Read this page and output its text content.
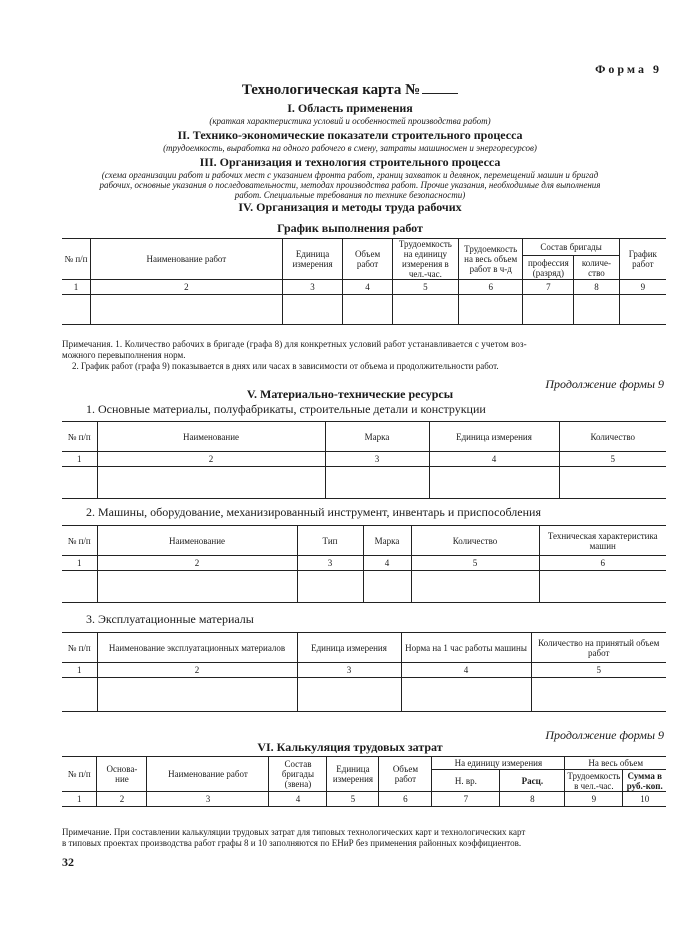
Форма 9
Технологическая карта №
I. Область применения
(краткая характеристика условий и особенностей производства работ)
II. Технико-экономические показатели строительного процесса
(трудоемкость, выработка на одного рабочего в смену, затраты машиносмен и энергоресурсов)
III. Организация и технология строительного процесса
(схема организации работ и рабочих мест с указанием фронта работ, границ захваток и делянок, перемещений машин и бригад
рабочих, основные указания о последовательности, методах производства работ. Прочие указания, необходимые для выполнения
работ. Специальные требования по технике безопасности)
IV. Организация и методы труда рабочих
График выполнения работ
№ п/п	Наименование работ	Единица измерения	Объем работ	Трудоемкость на единицу измерения в чел.-час.	Трудоемкость на весь объем работ в ч-д	Состав бригады		График работ
						профессия (разряд)	количе- ство	
1	2	3	4	5	6	7	8	9

Примечания. 1. Количество рабочих в бригаде (графа 8) для конкретных условий работ устанавливается с учетом воз-
можного перевыполнения норм.
2. График работ (графа 9) показывается в днях или часах в зависимости от объема и продолжительности работ.
Продолжение формы 9
V. Материально-технические ресурсы
1. Основные материалы, полуфабрикаты, строительные детали и конструкции
№ п/п	Наименование	Марка	Единица измерения	Количество
1	2	3	4	5

2. Машины, оборудование, механизированный инструмент, инвентарь и приспособления
№ п/п	Наименование	Тип	Марка	Количество	Техническая характеристика машин
1	2	3	4	5	6

3. Эксплуатационные материалы
№ п/п	Наименование эксплуатационных материалов	Единица измерения	Норма на 1 час работы машины	Количество на принятый объем работ
1	2	3	4	5

Продолжение формы 9
VI. Калькуляция трудовых затрат
№ п/п	Основа- ние	Наименование работ	Состав бригады (звена)	Единица измерения	Объем работ	На единицу измерения		На весь объем	
						Н. вр.	Расц.	Трудоемкость в чел.-час.	Сумма в руб.-коп.
1	2	3	4	5	6	7	8	9	10
Примечание. При составлении калькуляции трудовых затрат для типовых технологических карт и технологических карт
в типовых проектах производства работ графы 8 и 10 заполняются по ЕНиР без применения районных коэффициентов.
32
